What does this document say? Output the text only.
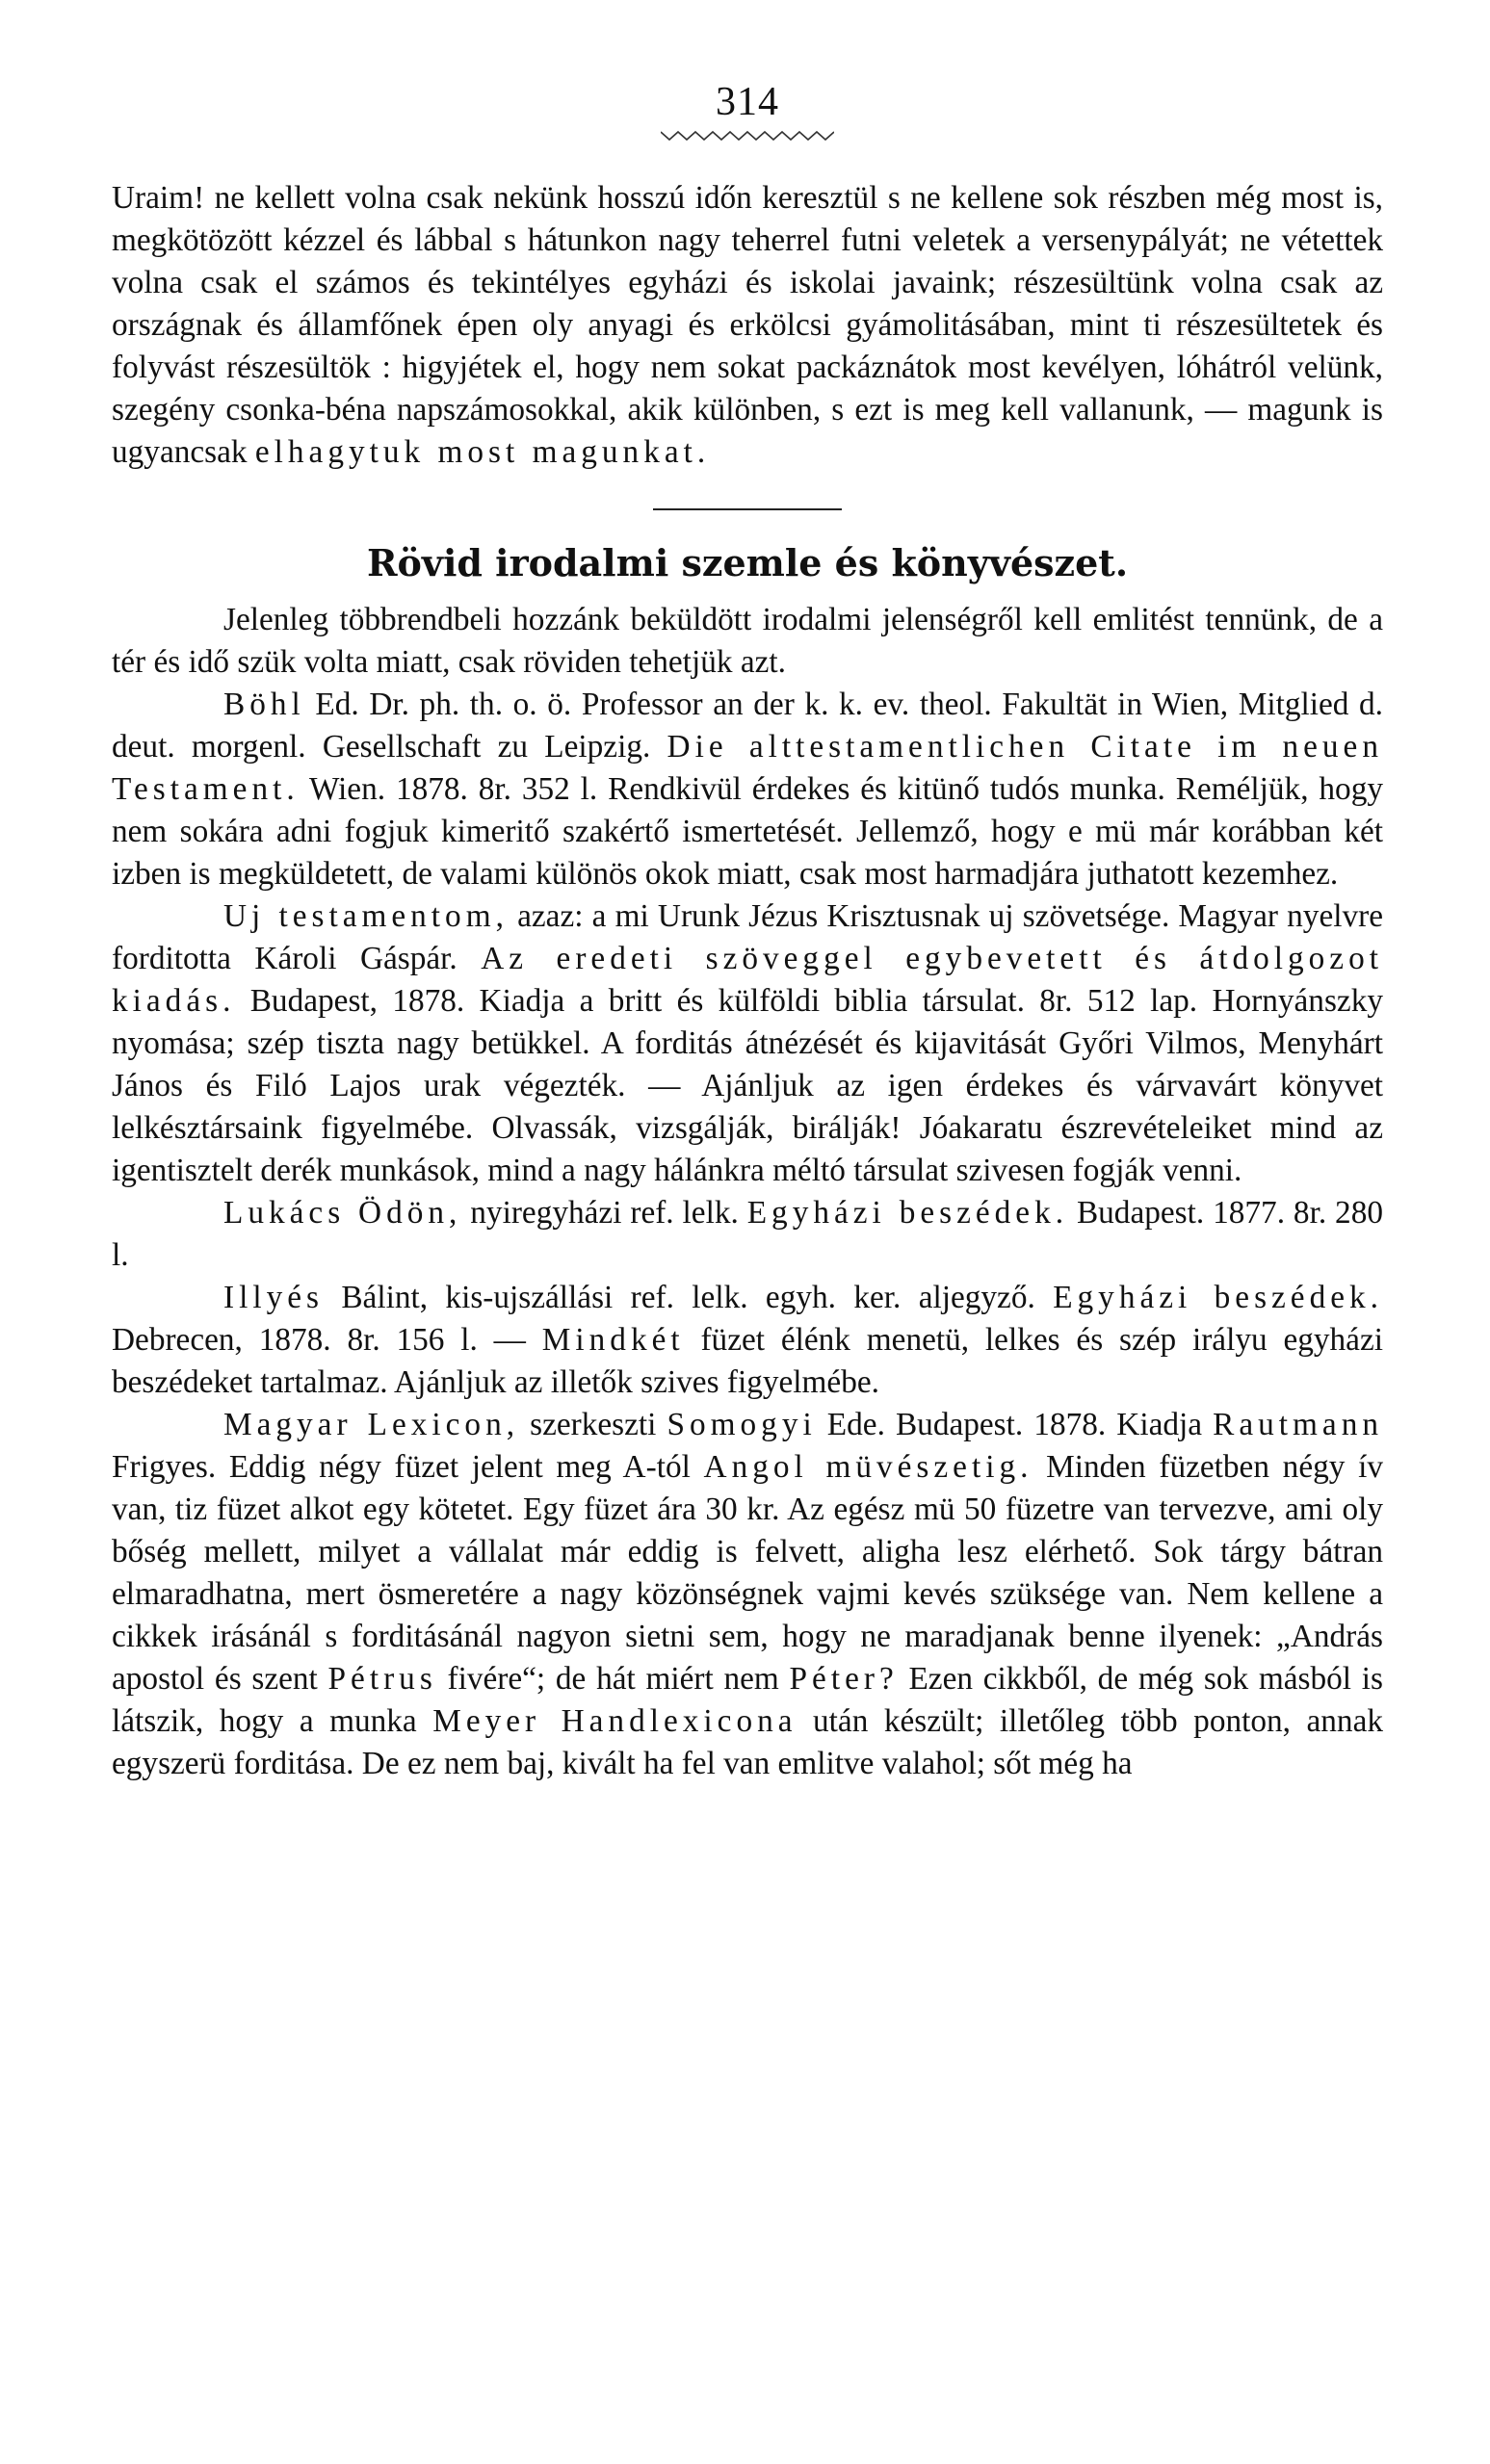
314

Uraim! ne kellett volna csak nekünk hosszú időn keresztül s ne kellene sok részben még most is, megkötözött kézzel és lábbal s hátunkon nagy teherrel futni veletek a versenypályát; ne vétettek volna csak el számos és tekintélyes egyházi és iskolai javaink; részesültünk volna csak az országnak és államfőnek épen oly anyagi és erkölcsi gyámolitásában, mint ti részesültetek és folyvást részesültök : higyjétek el, hogy nem sokat packáznátok most kevélyen, lóhátról velünk, szegény csonka-béna napszámosokkal, akik különben, s ezt is meg kell vallanunk, — magunk is ugyancsak elhagytuk most magunkat.

Rövid irodalmi szemle és könyvészet.

Jelenleg többrendbeli hozzánk beküldött irodalmi jelenségről kell emlitést tennünk, de a tér és idő szük volta miatt, csak röviden tehetjük azt.

Böhl Ed. Dr. ph. th. o. ö. Professor an der k. k. ev. theol. Fakultät in Wien, Mitglied d. deut. morgenl. Gesellschaft zu Leipzig. Die alttestamentlichen Citate im neuen Testament. Wien. 1878. 8r. 352 l. Rendkivül érdekes és kitünő tudós munka. Reméljük, hogy nem sokára adni fogjuk kimeritő szakértő ismertetését. Jellemző, hogy e mü már korábban két izben is megküldetett, de valami különös okok miatt, csak most harmadjára juthatott kezemhez.

Uj testamentom, azaz: a mi Urunk Jézus Krisztusnak uj szövetsége. Magyar nyelvre forditotta Károli Gáspár. Az eredeti szöveggel egybevetett és átdolgozot kiadás. Budapest, 1878. Kiadja a britt és külföldi biblia társulat. 8r. 512 lap. Hornyánszky nyomása; szép tiszta nagy betükkel. A forditás átnézését és kijavitását Győri Vilmos, Menyhárt János és Filó Lajos urak végezték. — Ajánljuk az igen érdekes és várvavárt könyvet lelkésztársaink figyelmébe. Olvassák, vizsgálják, birálják! Jóakaratu észrevételeiket mind az igentisztelt derék munkások, mind a nagy hálánkra méltó társulat szivesen fogják venni.

Lukács Ödön, nyiregyházi ref. lelk. Egyházi beszédek. Budapest. 1877. 8r. 280 l.

Illyés Bálint, kis-ujszállási ref. lelk. egyh. ker. aljegyző. Egyházi beszédek. Debrecen, 1878. 8r. 156 l. — Mindkét füzet élénk menetü, lelkes és szép irályu egyházi beszédeket tartalmaz. Ajánljuk az illetők szives figyelmébe.

Magyar Lexicon, szerkeszti Somogyi Ede. Budapest. 1878. Kiadja Rautmann Frigyes. Eddig négy füzet jelent meg A-tól Angol müvészetig. Minden füzetben négy ív van, tiz füzet alkot egy kötetet. Egy füzet ára 30 kr. Az egész mü 50 füzetre van tervezve, ami oly bőség mellett, milyet a vállalat már eddig is felvett, aligha lesz elérhető. Sok tárgy bátran elmaradhatna, mert ösmeretére a nagy közönségnek vajmi kevés szüksége van. Nem kellene a cikkek irásánál s forditásánál nagyon sietni sem, hogy ne maradjanak benne ilyenek: „András apostol és szent Pétrus fivére“; de hát miért nem Péter? Ezen cikkből, de még sok másból is látszik, hogy a munka Meyer Handlexicona után készült; illetőleg több ponton, annak egyszerü forditása. De ez nem baj, kivált ha fel van emlitve valahol; sőt még ha
